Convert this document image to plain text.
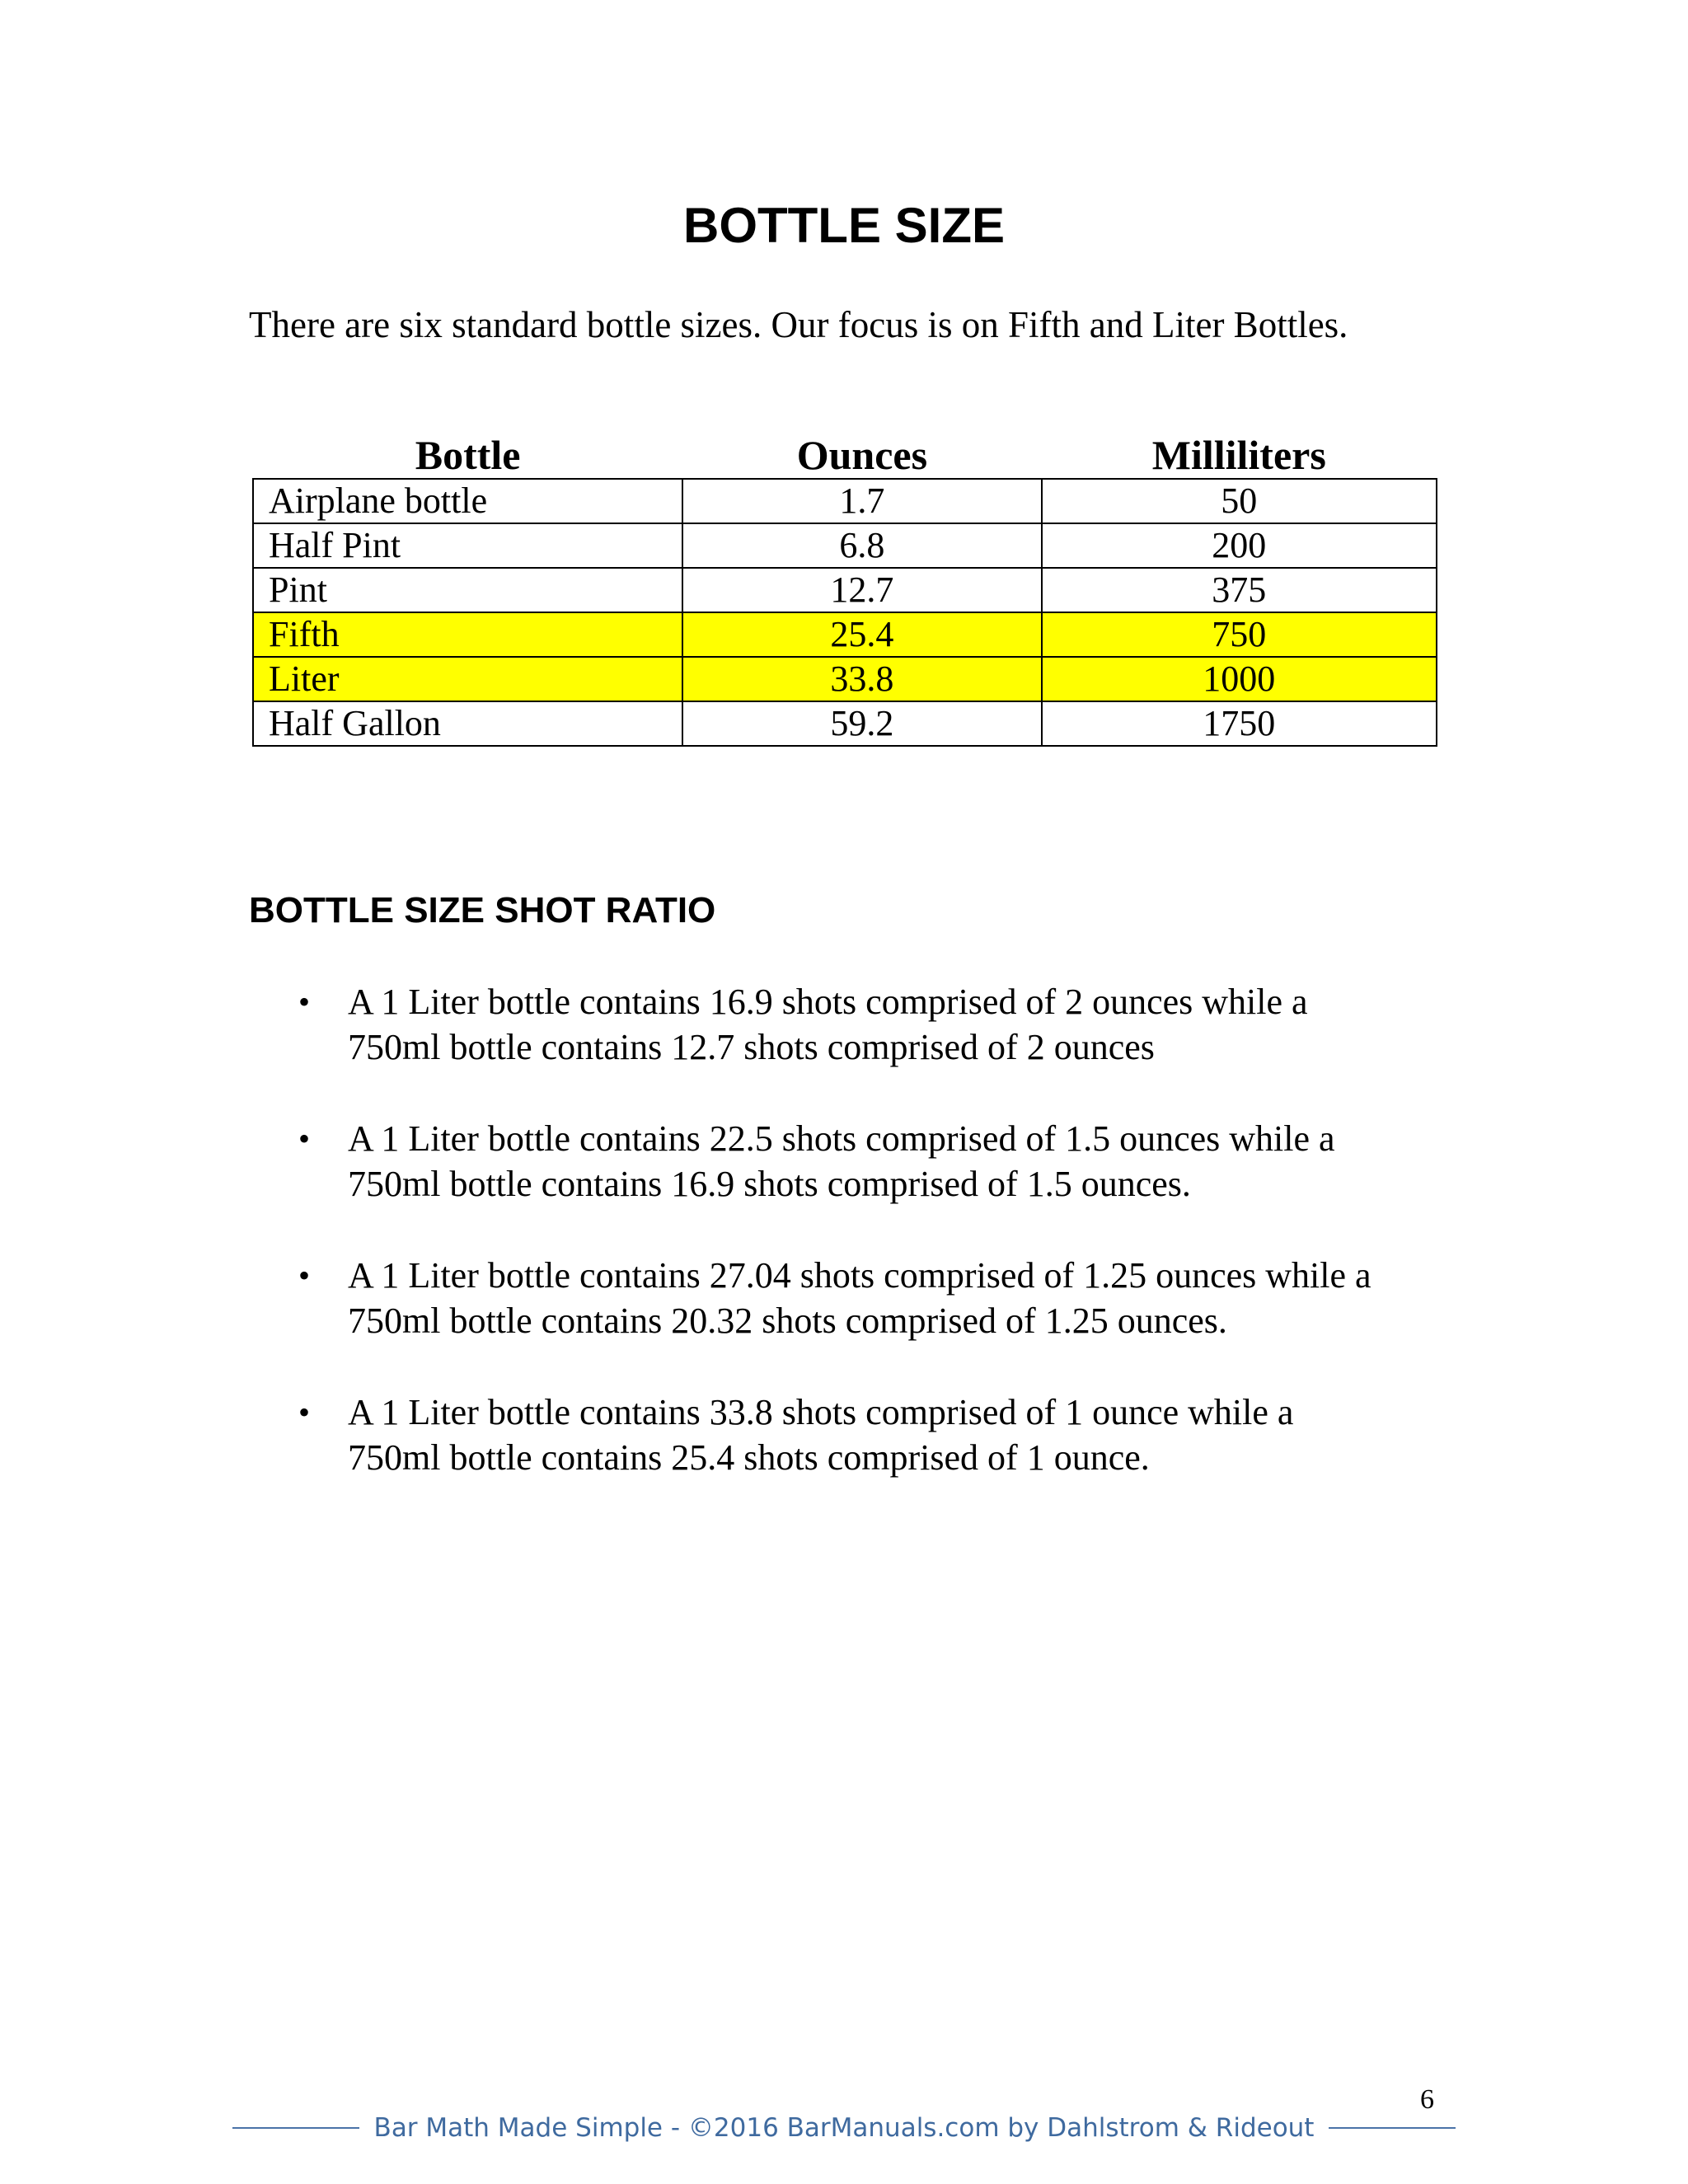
BOTTLE SIZE
There are six standard bottle sizes. Our focus is on Fifth and Liter Bottles.
Bottle	Ounces	Milliliters
Airplane bottle	1.7	50
Half Pint	6.8	200
Pint	12.7	375
Fifth	25.4	750
Liter	33.8	1000
Half Gallon	59.2	1750
BOTTLE SIZE SHOT RATIO
• A 1 Liter bottle contains 16.9 shots comprised of 2 ounces while a
750ml bottle contains 12.7 shots comprised of 2 ounces
• A 1 Liter bottle contains 22.5 shots comprised of 1.5 ounces while a
750ml bottle contains 16.9 shots comprised of 1.5 ounces.
• A 1 Liter bottle contains 27.04 shots comprised of 1.25 ounces while a
750ml bottle contains 20.32 shots comprised of 1.25 ounces.
• A 1 Liter bottle contains 33.8 shots comprised of 1 ounce while a
750ml bottle contains 25.4 shots comprised of 1 ounce.
6
Bar Math Made Simple - ©2016 BarManuals.com by Dahlstrom & Rideout
